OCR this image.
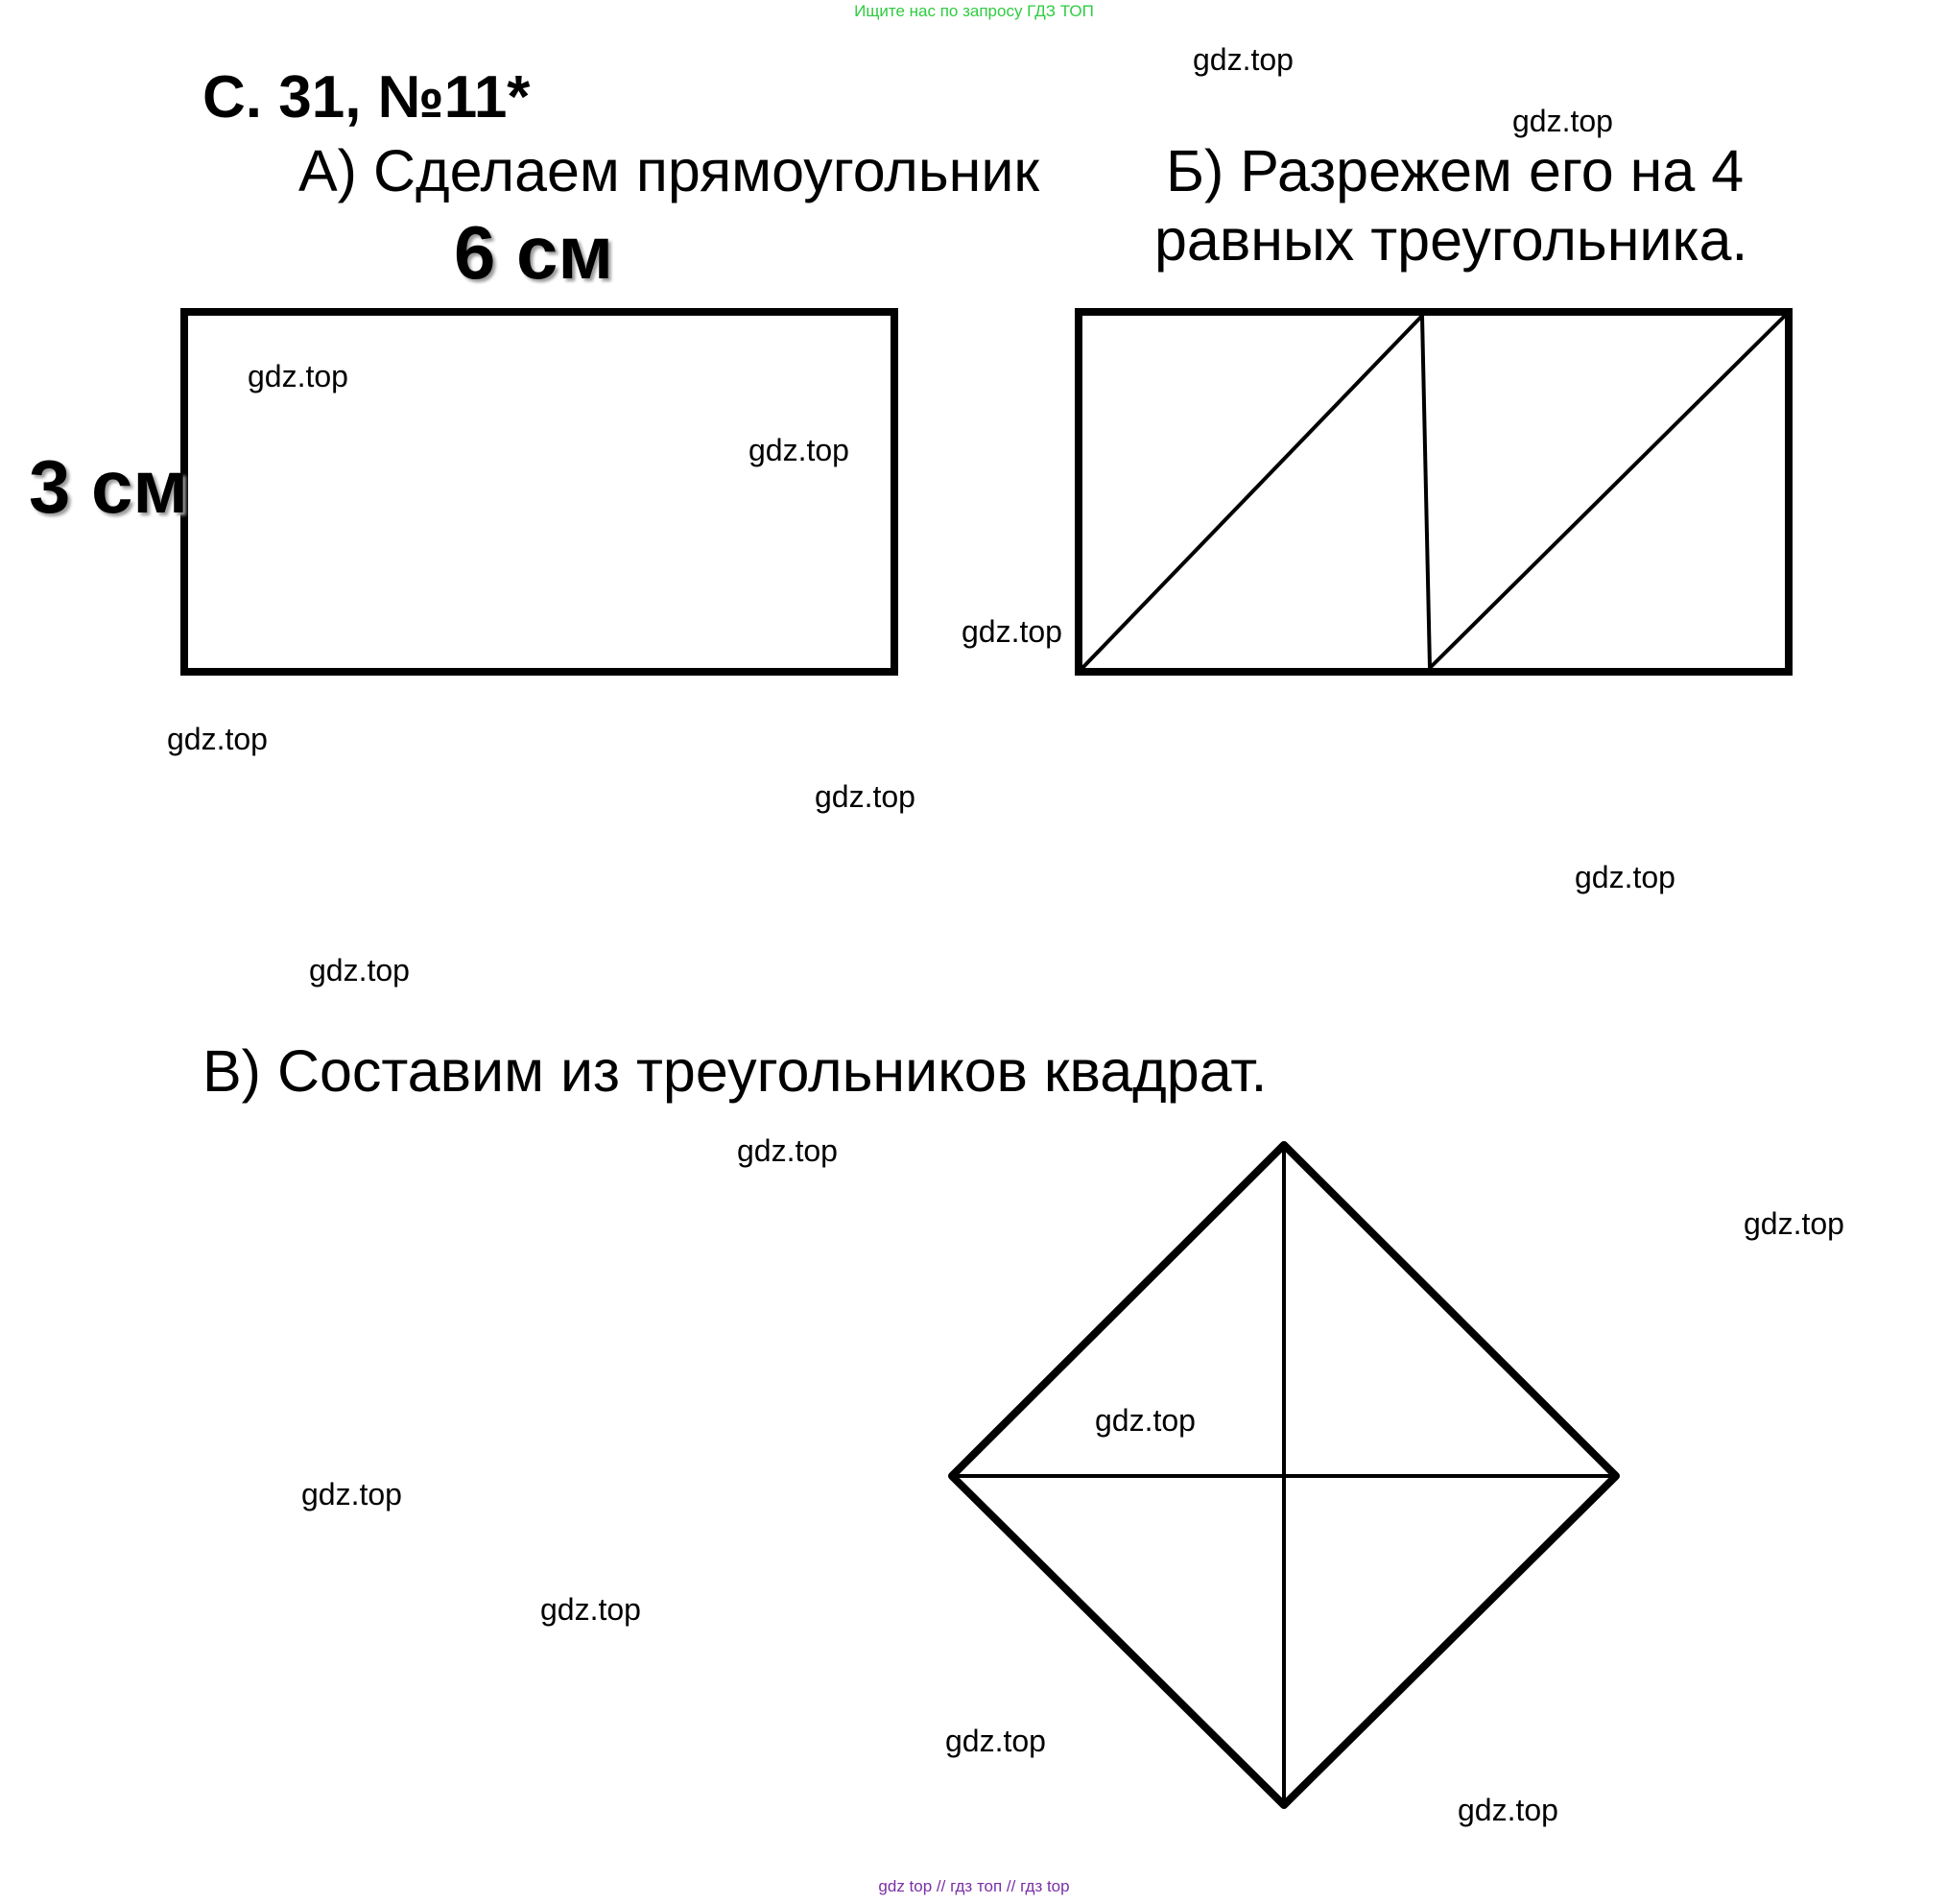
Ищите нас по запросу ГДЗ ТОП
С. 31, №11*
А) Сделаем прямоугольник Б) Разрежем его на 4
равных треугольника.
6 см
В) Составим из треугольников квадрат.
3 см
gdz.top
gdz.top
gdz.top
gdz.top
gdz.top
gdz.top
gdz.top
gdz.top
gdz.top
gdz.top
gdz.top
gdz.top
gdz.top
gdz.top
gdz.top
gdz.top
gdz top // гдз топ // гдз top
